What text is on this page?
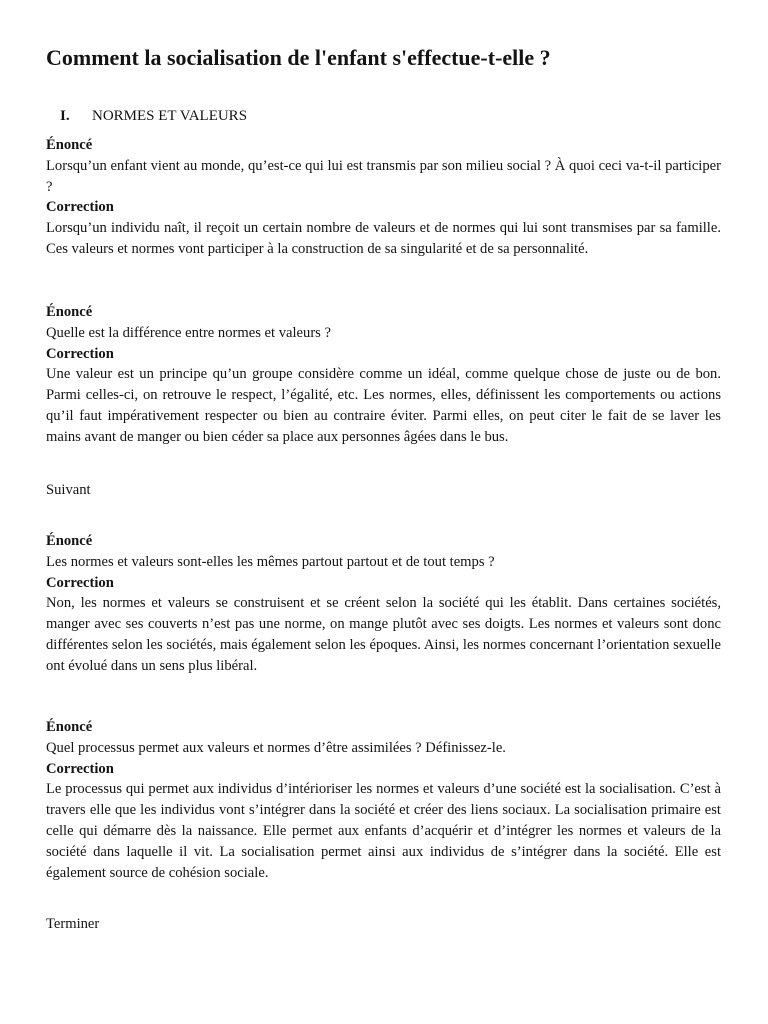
Comment la socialisation de l'enfant s'effectue-t-elle ?
I. NORMES ET VALEURS
Énoncé
Lorsqu’un enfant vient au monde, qu’est-ce qui lui est transmis par son milieu social ? À quoi ceci va-t-il participer ?
Correction
Lorsqu’un individu naît, il reçoit un certain nombre de valeurs et de normes qui lui sont transmises par sa famille. Ces valeurs et normes vont participer à la construction de sa singularité et de sa personnalité.
Énoncé
Quelle est la différence entre normes et valeurs ?
Correction
Une valeur est un principe qu’un groupe considère comme un idéal, comme quelque chose de juste ou de bon. Parmi celles-ci, on retrouve le respect, l’égalité, etc. Les normes, elles, définissent les comportements ou actions qu’il faut impérativement respecter ou bien au contraire éviter. Parmi elles, on peut citer le fait de se laver les mains avant de manger ou bien céder sa place aux personnes âgées dans le bus.
Suivant
Énoncé
Les normes et valeurs sont-elles les mêmes partout partout et de tout temps ?
Correction
Non, les normes et valeurs se construisent et se créent selon la société qui les établit. Dans certaines sociétés, manger avec ses couverts n’est pas une norme, on mange plutôt avec ses doigts. Les normes et valeurs sont donc différentes selon les sociétés, mais également selon les époques. Ainsi, les normes concernant l’orientation sexuelle ont évolué dans un sens plus libéral.
Énoncé
Quel processus permet aux valeurs et normes d’être assimilées ? Définissez-le.
Correction
Le processus qui permet aux individus d’intérioriser les normes et valeurs d’une société est la socialisation. C’est à travers elle que les individus vont s’intégrer dans la société et créer des liens sociaux. La socialisation primaire est celle qui démarre dès la naissance. Elle permet aux enfants d’acquérir et d’intégrer les normes et valeurs de la société dans laquelle il vit. La socialisation permet ainsi aux individus de s’intégrer dans la société. Elle est également source de cohésion sociale.
Terminer
